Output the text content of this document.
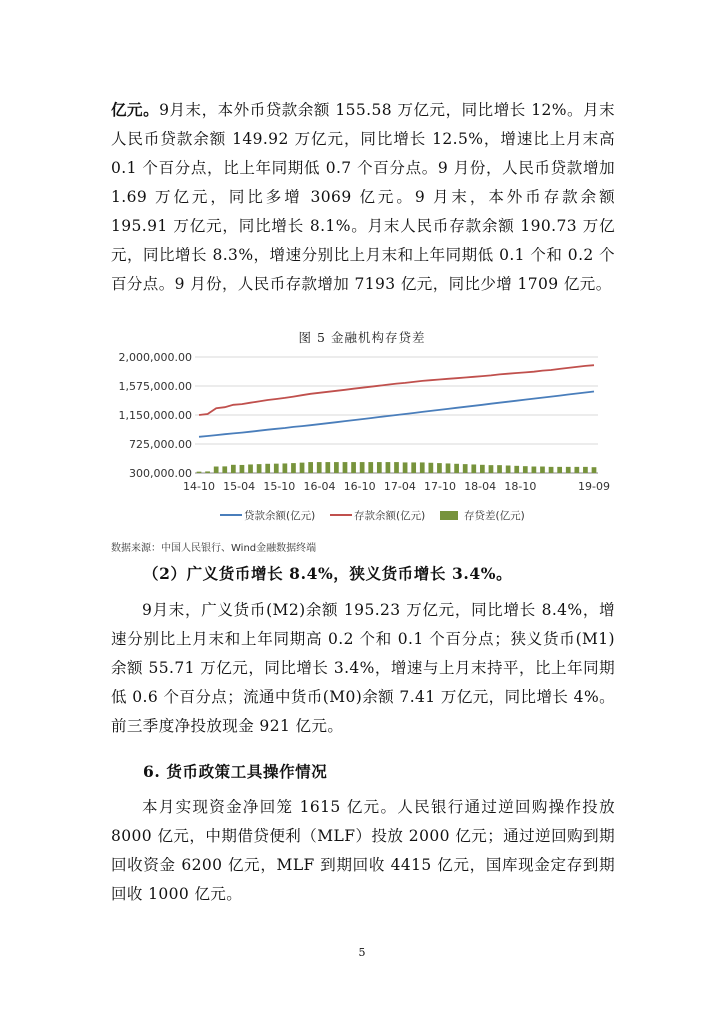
亿元。9月末，本外币贷款余额 155.58 万亿元，同比增长 12%。月末人民币贷款余额 149.92 万亿元，同比增长 12.5%，增速比上月末高 0.1 个百分点，比上年同期低 0.7 个百分点。9 月份，人民币贷款增加 1.69 万亿元，同比多增 3069 亿元。9 月末，本外币存款余额 195.91 万亿元，同比增长 8.1%。月末人民币存款余额 190.73 万亿元，同比增长 8.3%，增速分别比上月末和上年同期低 0.1 个和 0.2 个百分点。9 月份，人民币存款增加 7193 亿元，同比少增 1709 亿元。

图 5 金融机构存贷差
2,000,000.00
1,575,000.00
1,150,000.00
725,000.00
300,000.00
14-10 15-04 15-10 16-04 16-10 17-04 17-10 18-04 18-10	19-09
贷款余额(亿元)	存款余额(亿元)	存贷差(亿元)
数据来源：中国人民银行、Wind金融数据终端

（2）广义货币增长 8.4%，狭义货币增长 3.4%。

9月末，广义货币(M2)余额 195.23 万亿元，同比增长 8.4%，增速分别比上月末和上年同期高 0.2 个和 0.1 个百分点；狭义货币(M1)余额 55.71 万亿元，同比增长 3.4%，增速与上月末持平，比上年同期低 0.6 个百分点；流通中货币(M0)余额 7.41 万亿元，同比增长 4%。前三季度净投放现金 921 亿元。

6. 货币政策工具操作情况

本月实现资金净回笼 1615 亿元。人民银行通过逆回购操作投放 8000 亿元，中期借贷便利（MLF）投放 2000 亿元；通过逆回购到期回收资金 6200 亿元，MLF 到期回收 4415 亿元，国库现金定存到期回收 1000 亿元。

5
